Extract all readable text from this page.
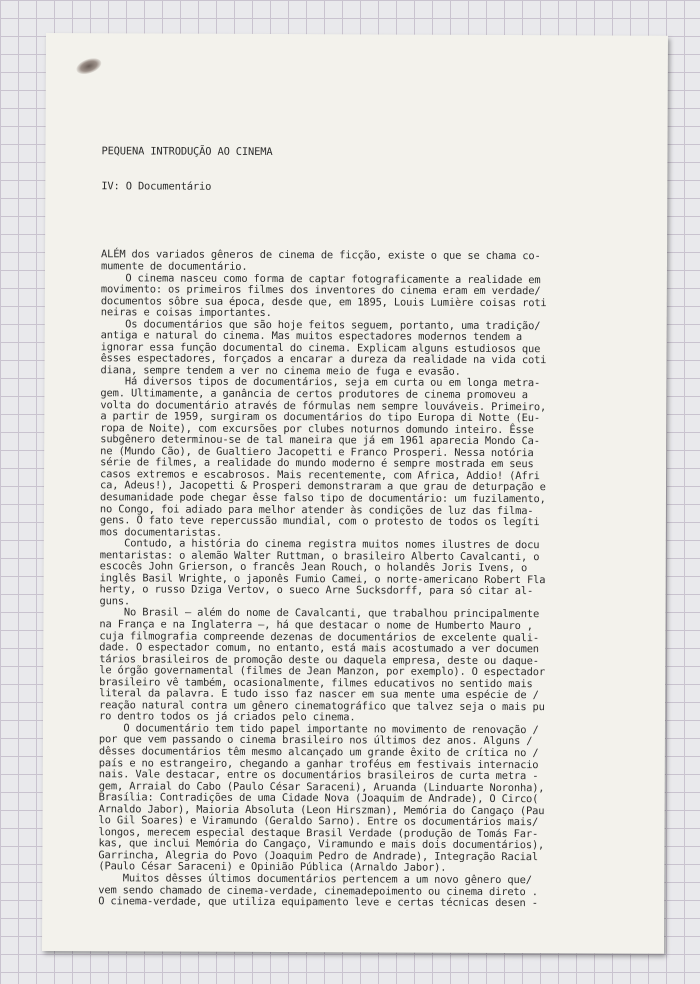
PEQUENA INTRODUÇÃO AO CINEMA

IV: O Documentário

ALÉM dos variados gêneros de cinema de ficção, existe o que se chama co-
mumente de documentário.
O cinema nasceu como forma de captar fotograficamente a realidade em
movimento: os primeiros filmes dos inventores do cinema eram em verdade/
documentos sôbre sua época, desde que, em 1895, Louis Lumière coisas roti
neiras e coisas importantes.
Os documentários que são hoje feitos seguem, portanto, uma tradição/
antiga e natural do cinema. Mas muitos espectadores modernos tendem a
ignorar essa função documental do cinema. Explicam alguns estudiosos que
êsses espectadores, forçados a encarar a dureza da realidade na vida coti
diana, sempre tendem a ver no cinema meio de fuga e evasão.
Há diversos tipos de documentários, seja em curta ou em longa metra-
gem. Ultimamente, a ganância de certos produtores de cinema promoveu a
volta do documentário através de fórmulas nem sempre louváveis. Primeiro,
a partir de 1959, surgiram os documentários do tipo Europa di Notte (Eu-
ropa de Noite), com excursões por clubes noturnos domundo inteiro. Êsse
subgênero determinou-se de tal maneira que já em 1961 aparecia Mondo Ca-
ne (Mundo Cão), de Gualtiero Jacopetti e Franco Prosperi. Nessa notória
série de filmes, a realidade do mundo moderno é sempre mostrada em seus
casos extremos e escabrosos. Mais recentemente, com Africa, Addio! (Afri
ca, Adeus!), Jacopetti & Prosperi demonstraram a que grau de deturpação e
desumanidade pode chegar êsse falso tipo de documentário: um fuzilamento,
no Congo, foi adiado para melhor atender às condições de luz das filma-
gens. O fato teve repercussão mundial, com o protesto de todos os legíti
mos documentaristas.
Contudo, a história do cinema registra muitos nomes ilustres de docu
mentaristas: o alemão Walter Ruttman, o brasileiro Alberto Cavalcanti, o
escocês John Grierson, o francês Jean Rouch, o holandês Joris Ivens, o
inglês Basil Wrighte, o japonês Fumio Camei, o norte-americano Robert Fla
herty, o russo Dziga Vertov, o sueco Arne Sucksdorff, para só citar al-
guns.
No Brasil — além do nome de Cavalcanti, que trabalhou principalmente
na França e na Inglaterra —, há que destacar o nome de Humberto Mauro ,
cuja filmografia compreende dezenas de documentários de excelente quali-
dade. O espectador comum, no entanto, está mais acostumado a ver documen
tários brasileiros de promoção deste ou daquela empresa, deste ou daque-
le órgão governamental (filmes de Jean Manzon, por exemplo). O espectador
brasileiro vê também, ocasionalmente, filmes educativos no sentido mais
literal da palavra. E tudo isso faz nascer em sua mente uma espécie de /
reação natural contra um gênero cinematográfico que talvez seja o mais pu
ro dentro todos os já criados pelo cinema.
O documentário tem tido papel importante no movimento de renovação /
por que vem passando o cinema brasileiro nos últimos dez anos. Alguns /
dêsses documentários têm mesmo alcançado um grande êxito de crítica no /
país e no estrangeiro, chegando a ganhar troféus em festivais internacio
nais. Vale destacar, entre os documentários brasileiros de curta metra -
gem, Arraial do Cabo (Paulo César Saraceni), Aruanda (Linduarte Noronha),
Brasília: Contradições de uma Cidade Nova (Joaquim de Andrade), O Circo(
Arnaldo Jabor), Maioria Absoluta (Leon Hirszman), Memória do Cangaço (Pau
lo Gil Soares) e Viramundo (Geraldo Sarno). Entre os documentários mais/
longos, merecem especial destaque Brasil Verdade (produção de Tomás Far-
kas, que inclui Memória do Cangaço, Viramundo e mais dois documentários),
Garrincha, Alegria do Povo (Joaquim Pedro de Andrade), Integração Racial
(Paulo César Saraceni) e Opinião Pública (Arnaldo Jabor).
Muitos dêsses últimos documentários pertencem a um novo gênero que/
vem sendo chamado de cinema-verdade, cinemadepoimento ou cinema direto .
O cinema-verdade, que utiliza equipamento leve e certas técnicas desen -
